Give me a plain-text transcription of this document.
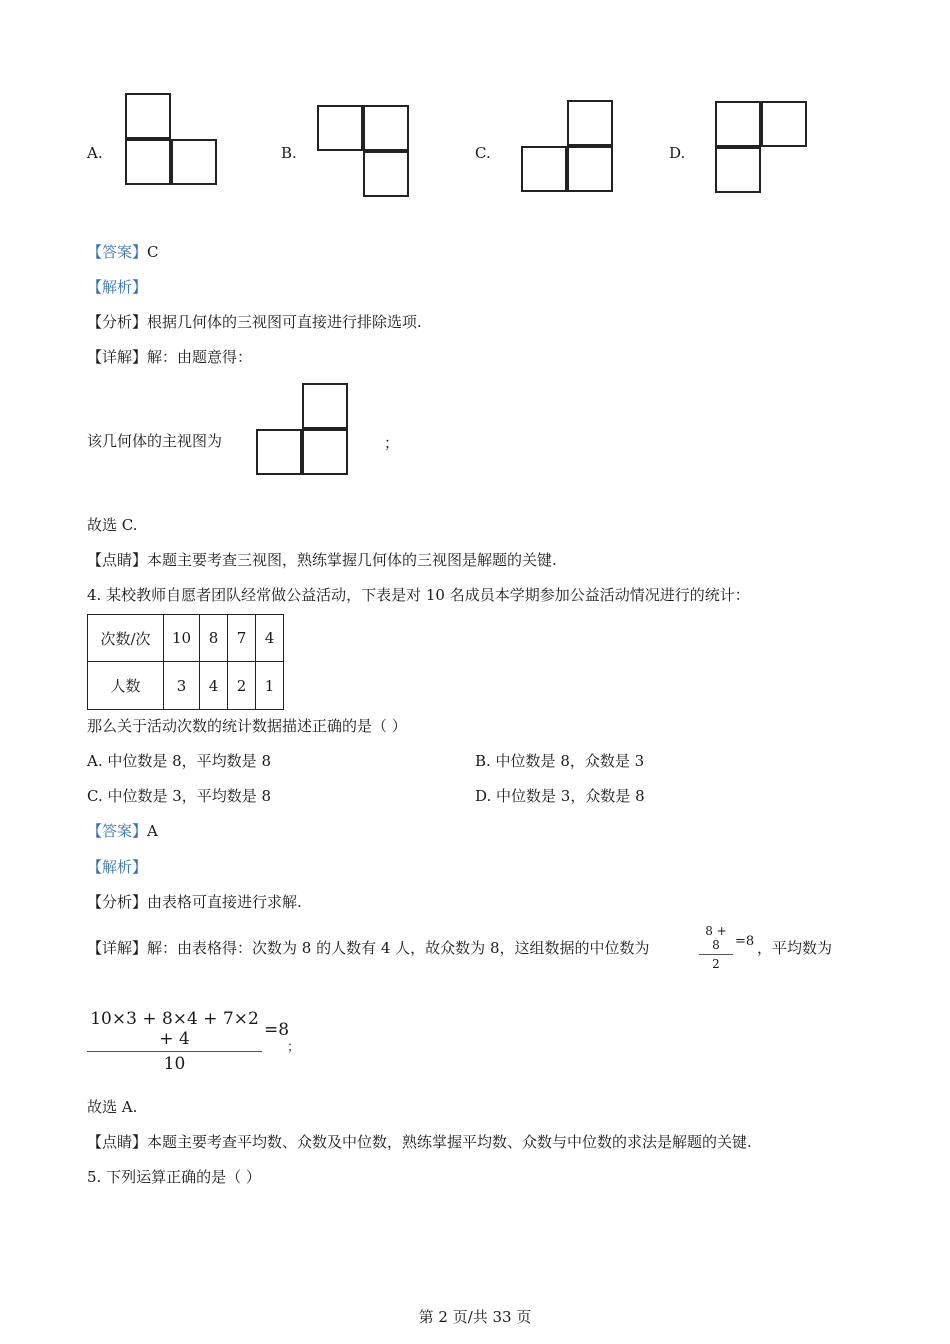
A.	B.	C.	D.
【答案】C
【解析】
【分析】根据几何体的三视图可直接进行排除选项.
【详解】解：由题意得：
该几何体的主视图为	；
故选 C.
【点睛】本题主要考查三视图，熟练掌握几何体的三视图是解题的关键.
4. 某校教师自愿者团队经常做公益活动，下表是对 10 名成员本学期参加公益活动情况进行的统计：
次数/次	10	8	7	4
人数	3	4	2	1
那么关于活动次数的统计数据描述正确的是（ ）
A. 中位数是 8，平均数是 8	B. 中位数是 8，众数是 3
C. 中位数是 3，平均数是 8	D. 中位数是 3，众数是 8
【答案】A
【解析】
【分析】由表格可直接进行求解.
【详解】解：由表格得：次数为 8 的人数有 4 人，故众数为 8，这组数据的中位数为	$\frac{8 + 8}{2} =8$ ，平均数为
$\frac{10\times 3 + 8\times 4 + 7\times 2 + 4}{10} =8$
；
故选 A.
【点睛】本题主要考查平均数、众数及中位数，熟练掌握平均数、众数与中位数的求法是解题的关键.
5. 下列运算正确的是（ ）
第 2 页/共 33 页
